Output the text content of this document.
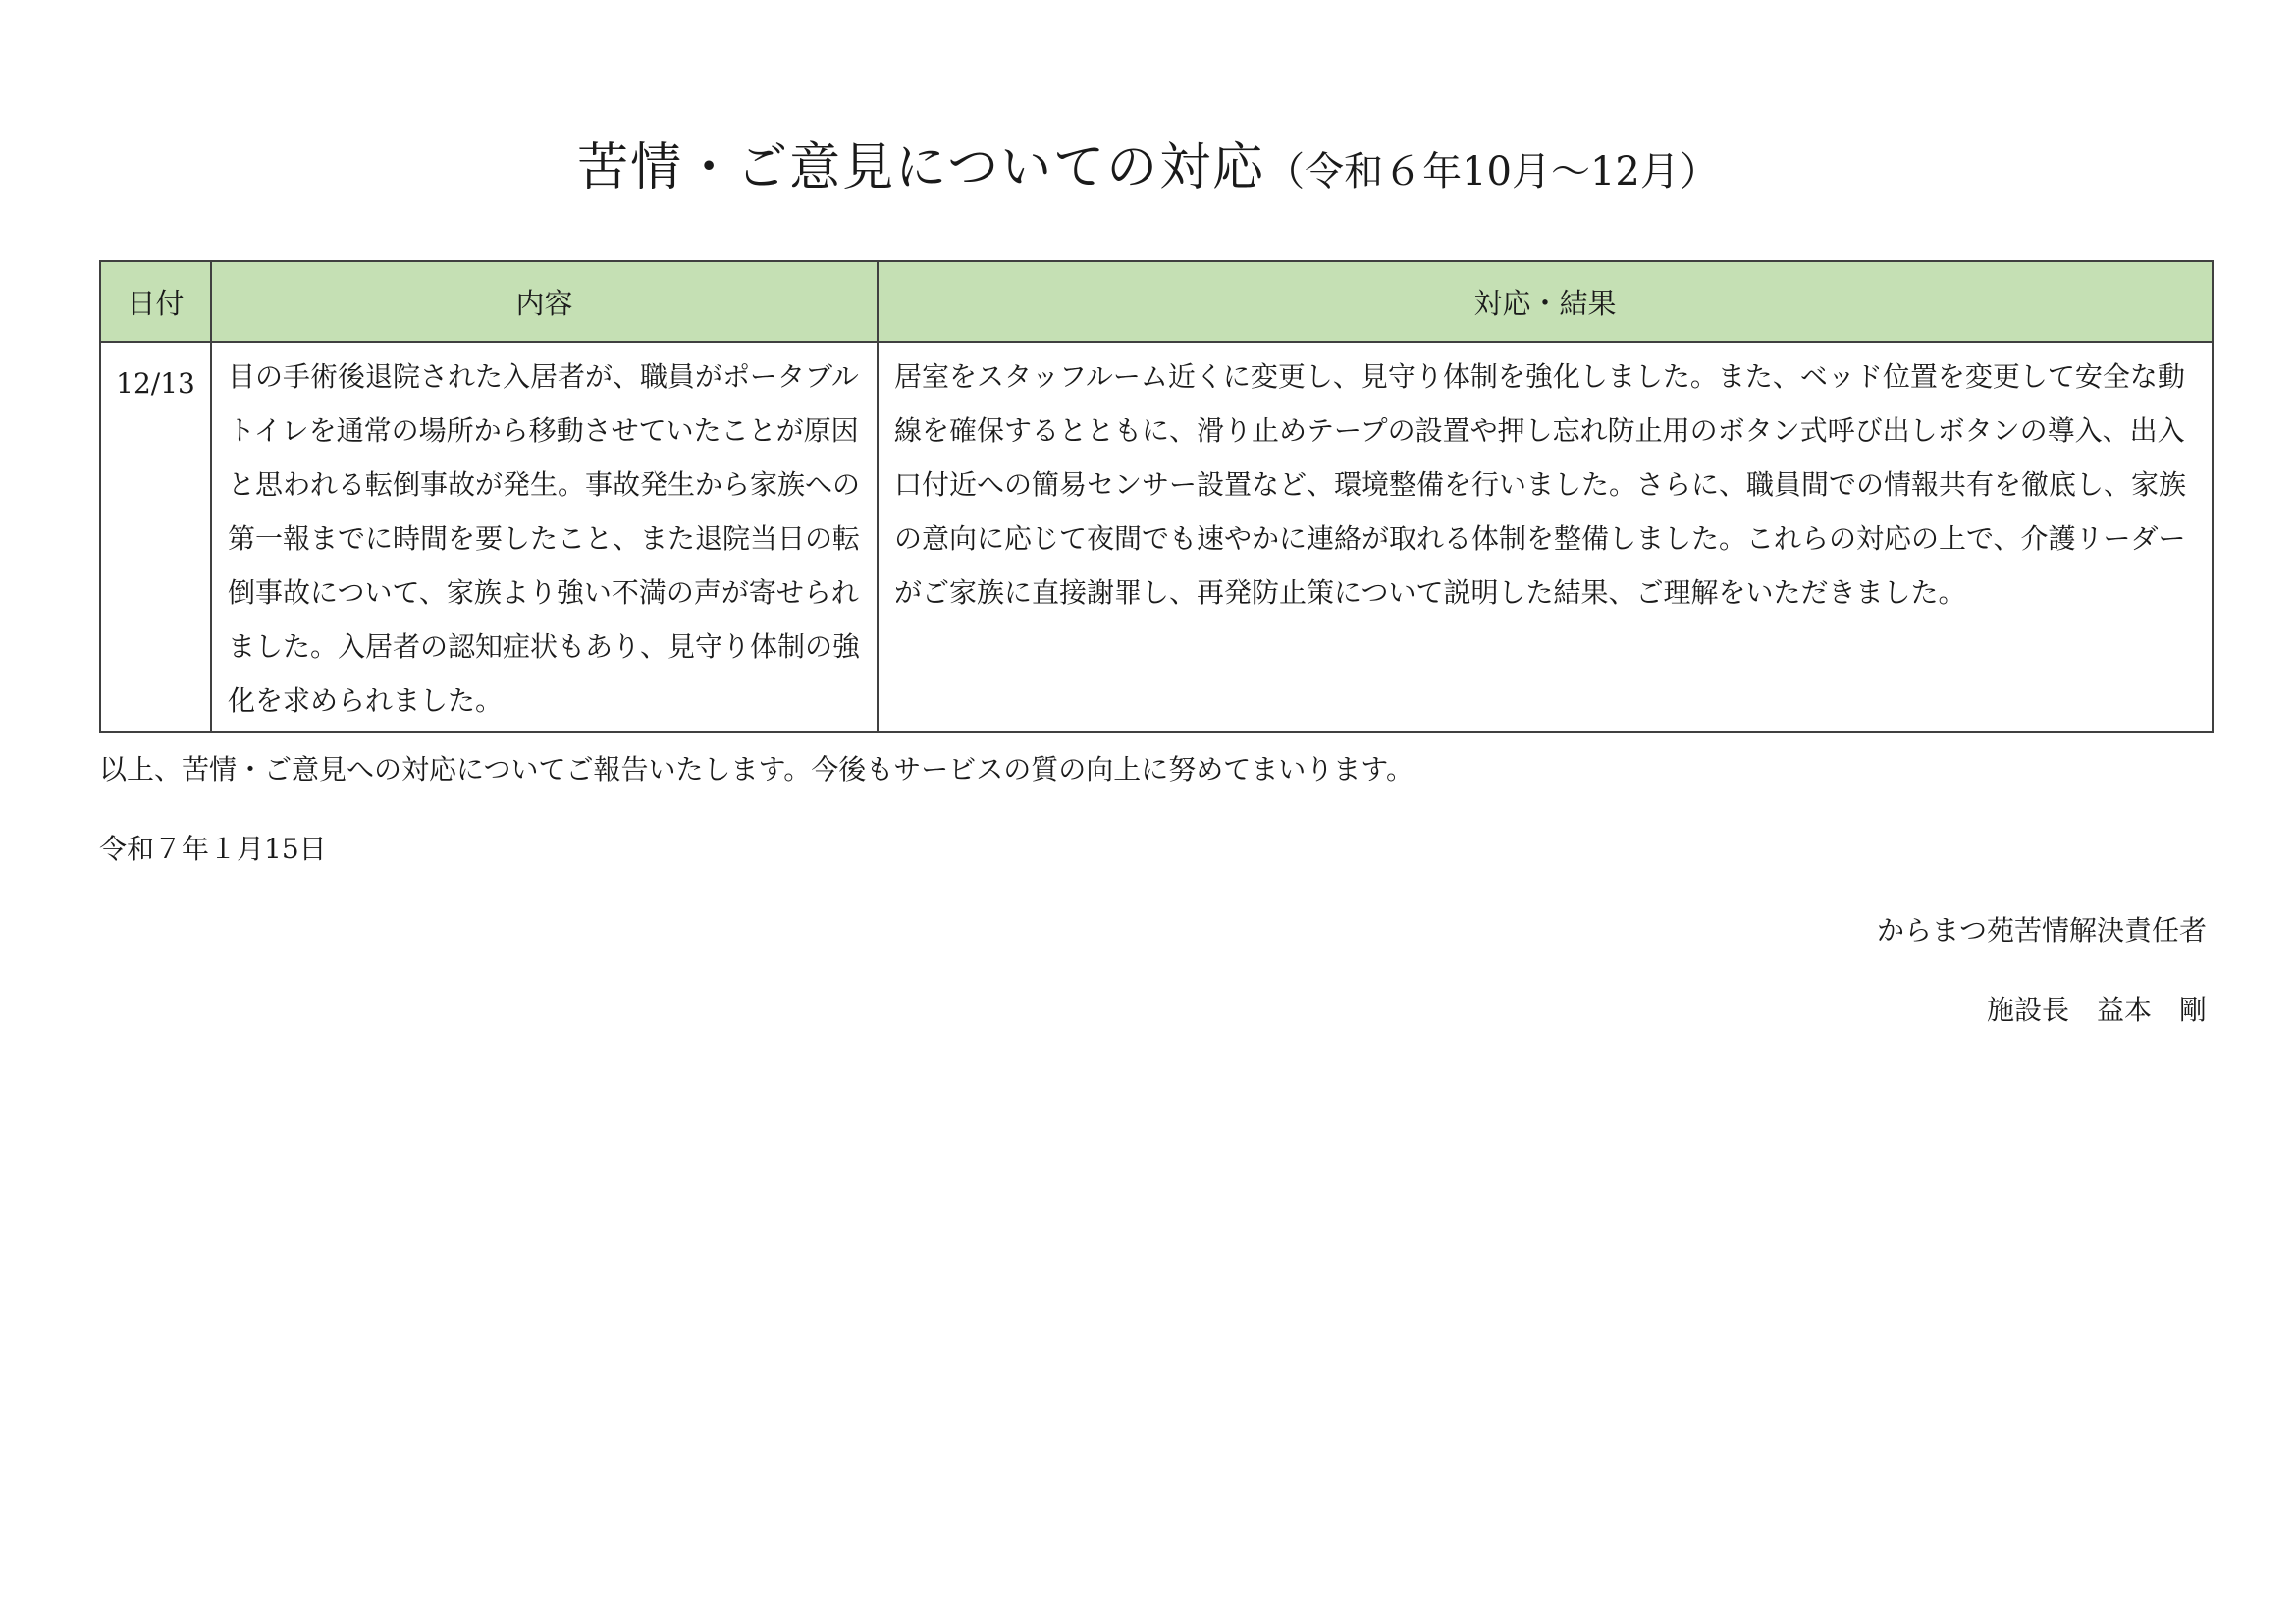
苦情・ご意見についての対応（令和６年10月〜12月）
日付	内容	対応・結果
12/13	目の手術後退院された入居者が、職員がポータブルトイレを通常の場所から移動させていたことが原因と思われる転倒事故が発生。事故発生から家族への第一報までに時間を要したこと、また退院当日の転倒事故について、家族より強い不満の声が寄せられました。入居者の認知症状もあり、見守り体制の強化を求められました。	居室をスタッフルーム近くに変更し、見守り体制を強化しました。また、ベッド位置を変更して安全な動線を確保するとともに、滑り止めテープの設置や押し忘れ防止用のボタン式呼び出しボタンの導入、出入口付近への簡易センサー設置など、環境整備を行いました。さらに、職員間での情報共有を徹底し、家族の意向に応じて夜間でも速やかに連絡が取れる体制を整備しました。これらの対応の上で、介護リーダーがご家族に直接謝罪し、再発防止策について説明した結果、ご理解をいただきました。
以上、苦情・ご意見への対応についてご報告いたします。今後もサービスの質の向上に努めてまいります。
令和７年１月15日
からまつ苑苦情解決責任者
施設長　益本　剛
